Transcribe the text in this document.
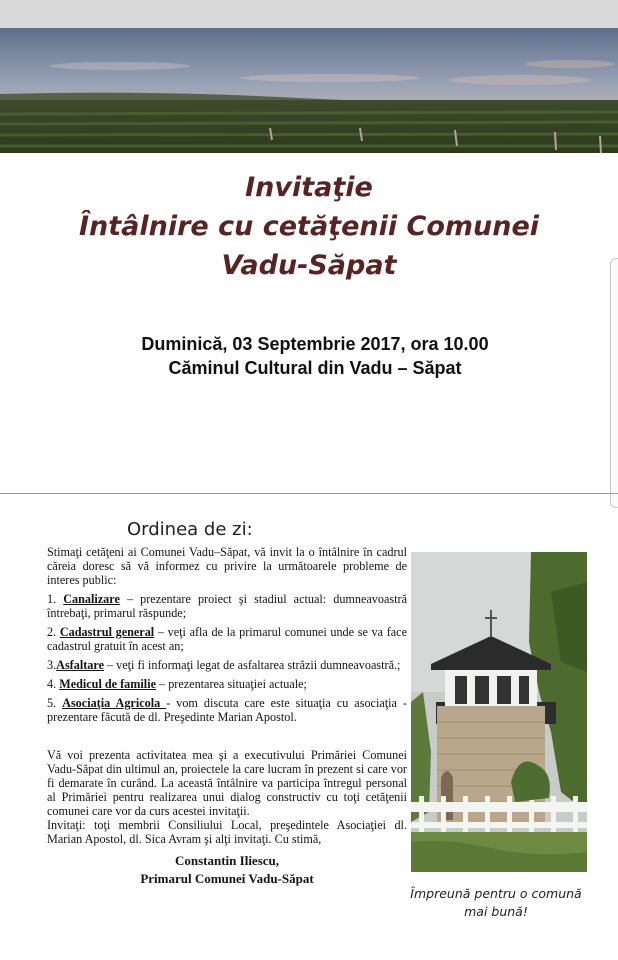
Invitaţie
Întâlnire cu cetăţenii Comunei
Vadu-Săpat
Duminică, 03 Septembrie 2017, ora 10.00
Căminul Cultural din Vadu – Săpat
Ordinea de zi:

Stimaţi cetăţeni ai Comunei Vadu–Săpat, vă invit la o întâlnire în cadrul căreia doresc să vă informez cu privire la următoarele probleme de interes public:

1. Canalizare – prezentare proiect şi stadiul actual: dumneavoastră întrebaţi, primarul răspunde;

2. Cadastrul general – veţi afla de la primarul comunei unde se va face cadastrul gratuit în acest an;

3.Asfaltare – veţi fi informaţi legat de asfaltarea străzii dumneavoastră.;

4. Medicul de familie – prezentarea situaţiei actuale;

5. Asociaţia Agricola - vom discuta care este situaţia cu asociaţia - prezentare făcută de dl. Preşedinte Marian Apostol.

Vă voi prezenta activitatea mea şi a executivului Primăriei Comunei Vadu-Săpat din ultimul an, proiectele la care lucram în prezent si care vor fi demarate în curând. La această întâlnire va participa întregul personal al Primăriei pentru realizarea unui dialog constructiv cu toţi cetăţenii comunei care vor da curs acestei invitaţii.

Invitaţi: toţi membrii Consiliului Local, preşedintele Asociaţiei dl. Marian Apostol, dl. Sica Avram şi alţi invitaţi. Cu stimă,

Constantin Iliescu,
Primarul Comunei Vadu-Săpat
Împreună pentru o comună
mai bună!
